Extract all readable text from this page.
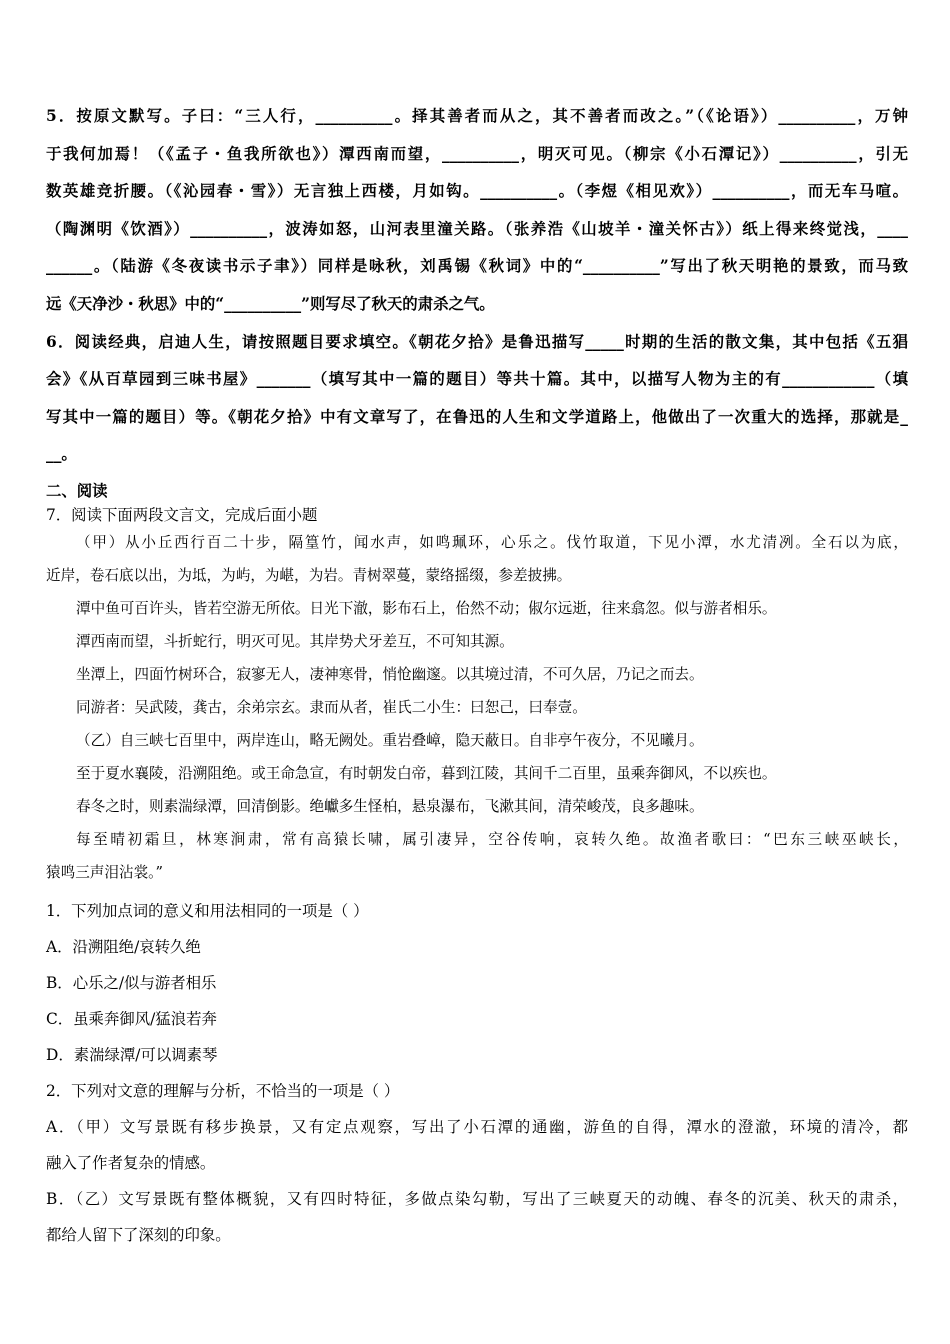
5．按原文默写。子曰：“三人行，__________。择其善者而从之，其不善者而改之。”（《论语》）__________，万钟

于我何加焉！（《孟子・鱼我所欲也》）潭西南而望，__________，明灭可见。（柳宗《小石潭记》）__________，引无

数英雄竞折腰。（《沁园春・雪》）无言独上西楼，月如钩。__________。（李煜《相见欢》）__________，而无车马喧。

（陶渊明《饮酒》）__________，波涛如怒，山河表里潼关路。（张养浩《山坡羊・潼关怀古》）纸上得来终觉浅，____

______。（陆游《冬夜读书示子聿》）同样是咏秋，刘禹锡《秋词》中的“__________”写出了秋天明艳的景致，而马致

远《天净沙・秋思》中的“__________”则写尽了秋天的肃杀之气。

6．阅读经典，启迪人生，请按照题目要求填空。《朝花夕拾》是鲁迅描写_____时期的生活的散文集，其中包括《五猖

会》《从百草园到三味书屋》_______（填写其中一篇的题目）等共十篇。其中，以描写人物为主的有____________（填

写其中一篇的题目）等。《朝花夕拾》中有文章写了，在鲁迅的人生和文学道路上，他做出了一次重大的选择，那就是_

__。

二、阅读

7．阅读下面两段文言文，完成后面小题

（甲）从小丘西行百二十步，隔篁竹，闻水声，如鸣珮环，心乐之。伐竹取道，下见小潭，水尤清冽。全石以为底，

近岸，卷石底以出，为坻，为屿，为嵁，为岩。青树翠蔓，蒙络摇缀，参差披拂。

潭中鱼可百许头，皆若空游无所依。日光下澈，影布石上，佁然不动；俶尔远逝，往来翕忽。似与游者相乐。

潭西南而望，斗折蛇行，明灭可见。其岸势犬牙差互，不可知其源。

坐潭上，四面竹树环合，寂寥无人，凄神寒骨，悄怆幽邃。以其境过清，不可久居，乃记之而去。

同游者：吴武陵，龚古，余弟宗玄。隶而从者，崔氏二小生：曰恕己，曰奉壹。

（乙）自三峡七百里中，两岸连山，略无阙处。重岩叠嶂，隐天蔽日。自非亭午夜分，不见曦月。

至于夏水襄陵，沿溯阻绝。或王命急宣，有时朝发白帝，暮到江陵，其间千二百里，虽乘奔御风，不以疾也。

春冬之时，则素湍绿潭，回清倒影。绝巘多生怪柏，悬泉瀑布，飞漱其间，清荣峻茂，良多趣味。

每至晴初霜旦，林寒涧肃，常有高猿长啸，属引凄异，空谷传响，哀转久绝。故渔者歌曰：“巴东三峡巫峡长，

猿鸣三声泪沾裳。”

1．下列加点词的意义和用法相同的一项是（ ）

A．沿溯阻绝/哀转久绝

B．心乐之/似与游者相乐

C．虽乘奔御风/猛浪若奔

D．素湍绿潭/可以调素琴

2．下列对文意的理解与分析，不恰当的一项是（ ）

A．（甲）文写景既有移步换景，又有定点观察，写出了小石潭的通幽，游鱼的自得，潭水的澄澈，环境的清冷，都

融入了作者复杂的情感。

B．（乙）文写景既有整体概貌，又有四时特征，多做点染勾勒，写出了三峡夏天的动魄、春冬的沉美、秋天的肃杀，

都给人留下了深刻的印象。
